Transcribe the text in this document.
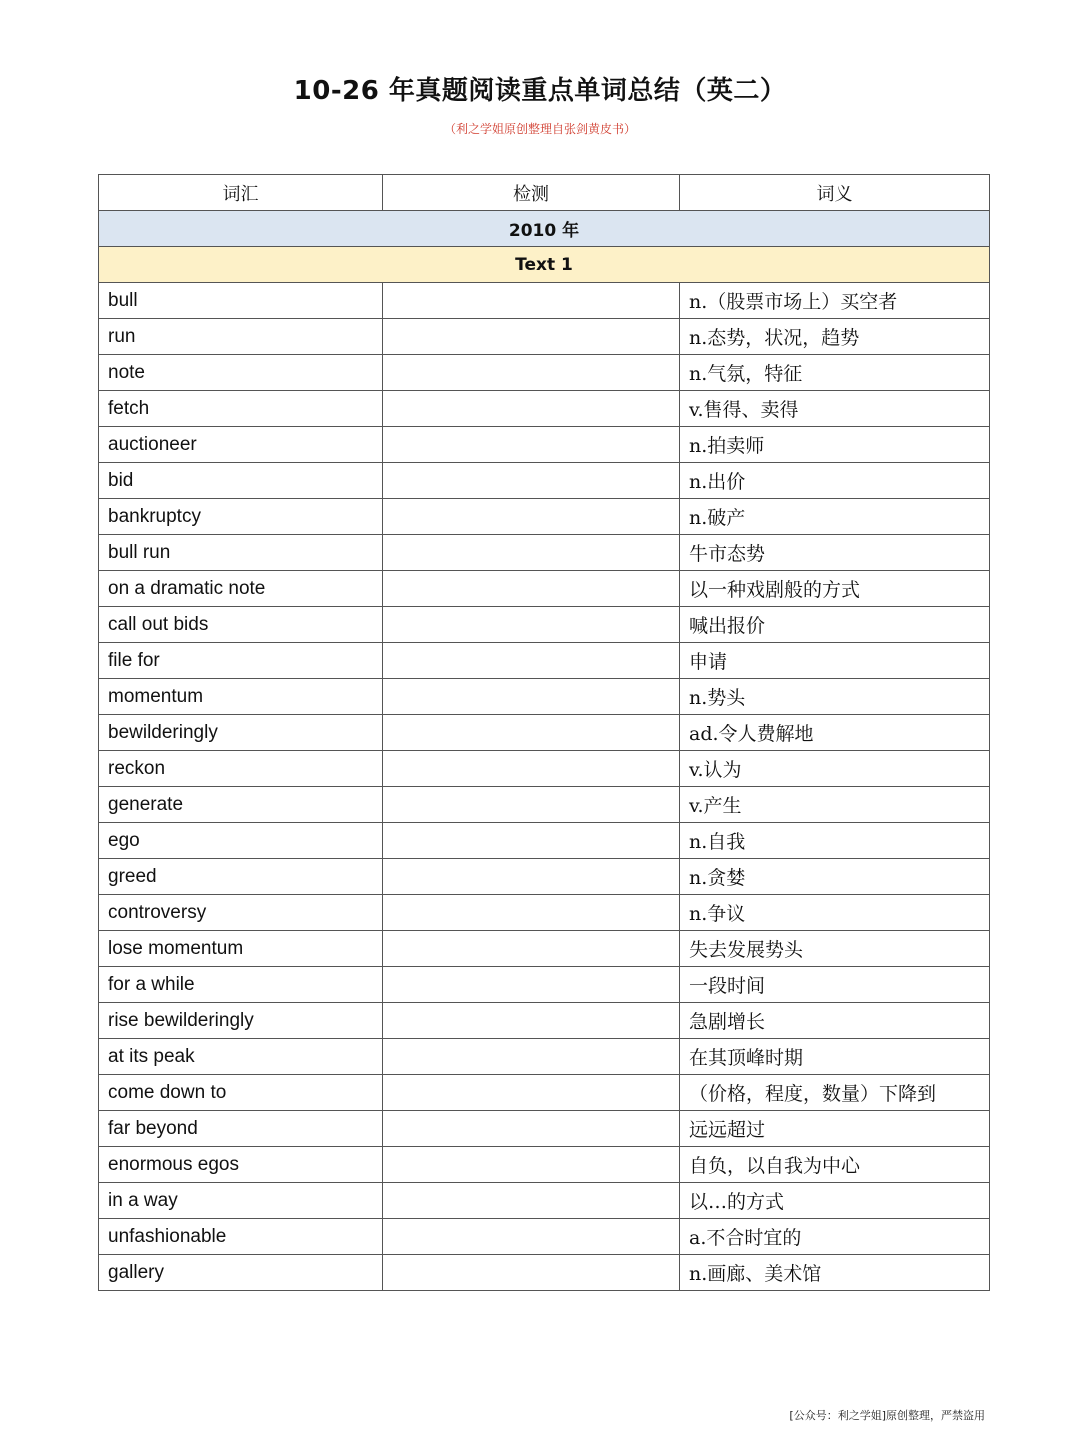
10-26 年真题阅读重点单词总结（英二）
（利之学姐原创整理自张剑黄皮书）
词汇	检测	词义
2010 年		
Text 1		
bull		n.（股票市场上）买空者
run		n.态势，状况，趋势
note		n.气氛，特征
fetch		v.售得、卖得
auctioneer		n.拍卖师
bid		n.出价
bankruptcy		n.破产
bull run		牛市态势
on a dramatic note		以一种戏剧般的方式
call out bids		喊出报价
file for		申请
momentum		n.势头
bewilderingly		ad.令人费解地
reckon		v.认为
generate		v.产生
ego		n.自我
greed		n.贪婪
controversy		n.争议
lose momentum		失去发展势头
for a while		一段时间
rise bewilderingly		急剧增长
at its peak		在其顶峰时期
come down to		（价格，程度，数量）下降到
far beyond		远远超过
enormous egos		自负，以自我为中心
in a way		以…的方式
unfashionable		a.不合时宜的
gallery		n.画廊、美术馆
[公众号：利之学姐]原创整理，严禁盗用
